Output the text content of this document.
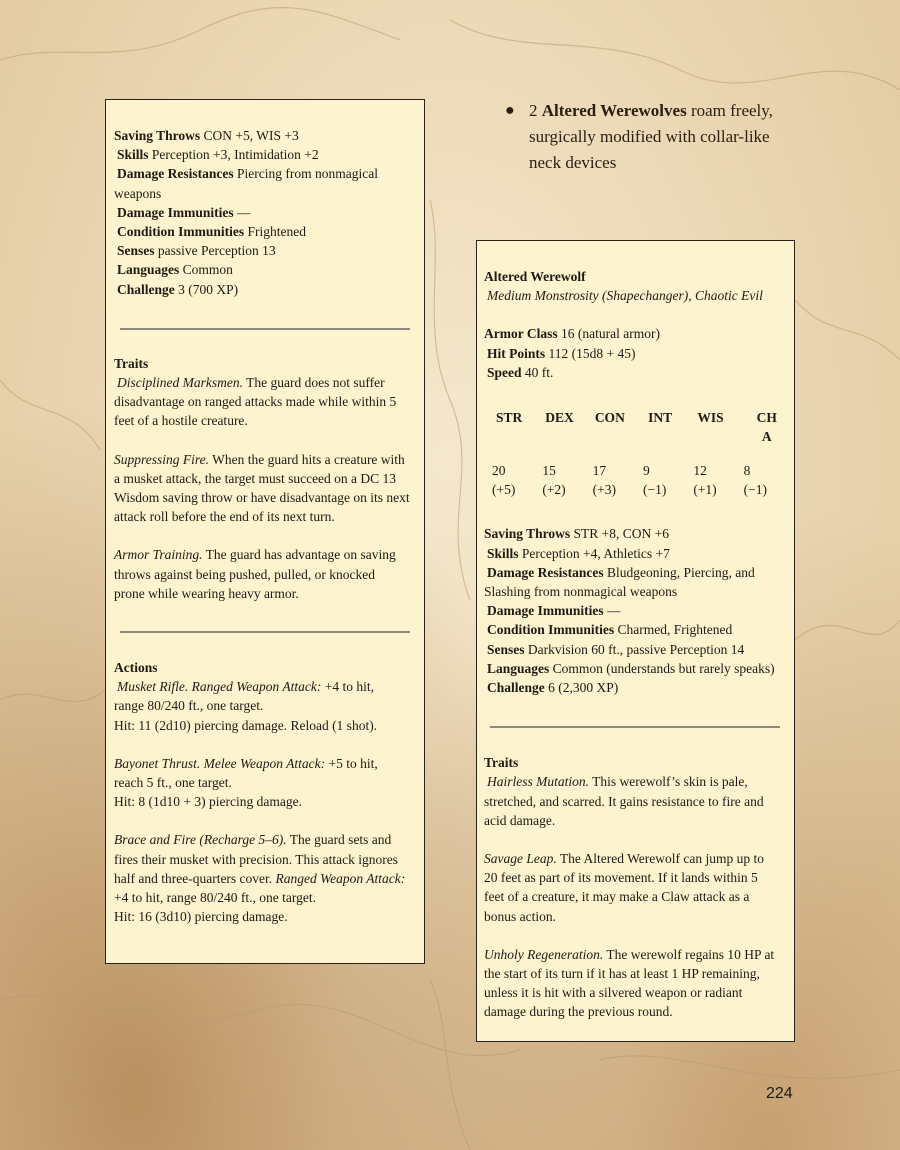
Saving Throws CON +5, WIS +3
Skills Perception +3, Intimidation +2
Damage Resistances Piercing from nonmagical
weapons
Damage Immunities —
Condition Immunities Frightened
Senses passive Perception 13
Languages Common
Challenge 3 (700 XP)
Traits
Disciplined Marksmen. The guard does not suffer
disadvantage on ranged attacks made while within 5
feet of a hostile creature.
Suppressing Fire. When the guard hits a creature with
a musket attack, the target must succeed on a DC 13
Wisdom saving throw or have disadvantage on its next
attack roll before the end of its next turn.
Armor Training. The guard has advantage on saving
throws against being pushed, pulled, or knocked
prone while wearing heavy armor.
Actions
Musket Rifle. Ranged Weapon Attack: +4 to hit,
range 80/240 ft., one target.
Hit: 11 (2d10) piercing damage. Reload (1 shot).
Bayonet Thrust. Melee Weapon Attack: +5 to hit,
reach 5 ft., one target.
Hit: 8 (1d10 + 3) piercing damage.
Brace and Fire (Recharge 5–6). The guard sets and
fires their musket with precision. This attack ignores
half and three-quarters cover. Ranged Weapon Attack:
+4 to hit, range 80/240 ft., one target.
Hit: 16 (3d10) piercing damage.
● 2 Altered Werewolves roam freely,
surgically modified with collar-like
neck devices
Altered Werewolf
Medium Monstrosity (Shapechanger), Chaotic Evil
Armor Class 16 (natural armor)
Hit Points 112 (15d8 + 45)
Speed 40 ft.
STR
20
(+5)
DEX
15
(+2)
CON
17
(+3)
INT
9
(−1)
WIS
12
(+1)
CH
A
8
(−1)
Saving Throws STR +8, CON +6
Skills Perception +4, Athletics +7
Damage Resistances Bludgeoning, Piercing, and
Slashing from nonmagical weapons
Damage Immunities —
Condition Immunities Charmed, Frightened
Senses Darkvision 60 ft., passive Perception 14
Languages Common (understands but rarely speaks)
Challenge 6 (2,300 XP)
Traits
Hairless Mutation. This werewolf’s skin is pale,
stretched, and scarred. It gains resistance to fire and
acid damage.
Savage Leap. The Altered Werewolf can jump up to
20 feet as part of its movement. If it lands within 5
feet of a creature, it may make a Claw attack as a
bonus action.
Unholy Regeneration. The werewolf regains 10 HP at
the start of its turn if it has at least 1 HP remaining,
unless it is hit with a silvered weapon or radiant
damage during the previous round.
224
